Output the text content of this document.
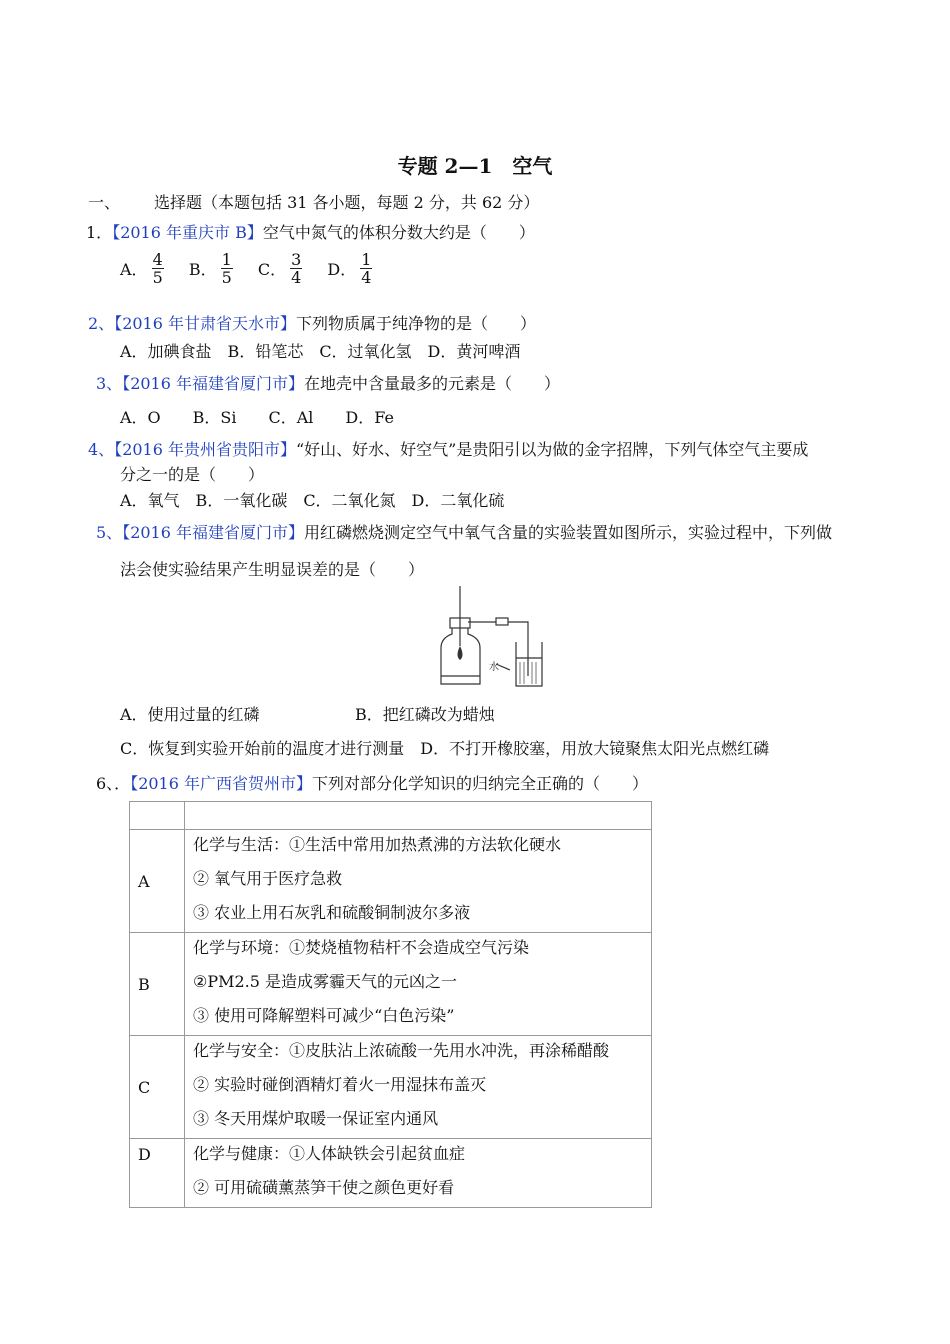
专题 2—1　空气
一、 选择题（本题包括 31 各小题，每题 2 分，共 62 分）
1．【2016 年重庆市 B】空气中氮气的体积分数大约是（　　）
A． $\frac{4}{5}$ B． $\frac{1}{5}$ C． $\frac{3}{4}$ D． $\frac{1}{4}$
2、【2016 年甘肃省天水市】下列物质属于纯净物的是（　　）
A．加碘食盐　B．铅笔芯　C．过氧化氢　D．黄河啤酒
3、【2016 年福建省厦门市】在地壳中含量最多的元素是（　　）
A．O　　B．Si　　C．Al　　D．Fe
4、【2016 年贵州省贵阳市】“好山、好水、好空气”是贵阳引以为做的金字招牌，下列气体空气主要成
分之一的是（　　）
A．氧气　B．一氧化碳　C．二氧化氮　D．二氧化硫
5、【2016 年福建省厦门市】用红磷燃烧测定空气中氧气含量的实验装置如图所示，实验过程中，下列做
法会使实验结果产生明显误差的是（　　）
水
A．使用过量的红磷	B．把红磷改为蜡烛
C．恢复到实验开始前的温度才进行测量　D．不打开橡胶塞，用放大镜聚焦太阳光点燃红磷
6、．【2016 年广西省贺州市】下列对部分化学知识的归纳完全正确的（　　）

A	化学与生活：①生活中常用加热煮沸的方法软化硬水
② 氧气用于医疗急救
③ 农业上用石灰乳和硫酸铜制波尔多液

B	化学与环境：①焚烧植物秸杆不会造成空气污染
②PM2.5 是造成雾霾天气的元凶之一
③ 使用可降解塑料可减少“白色污染”

C	化学与安全：①皮肤沾上浓硫酸一先用水冲洗，再涂稀醋酸
② 实验时碰倒酒精灯着火一用湿抹布盖灭
③ 冬天用煤炉取暖一保证室内通风

D	化学与健康：①人体缺铁会引起贫血症
② 可用硫磺薰蒸笋干使之颜色更好看
